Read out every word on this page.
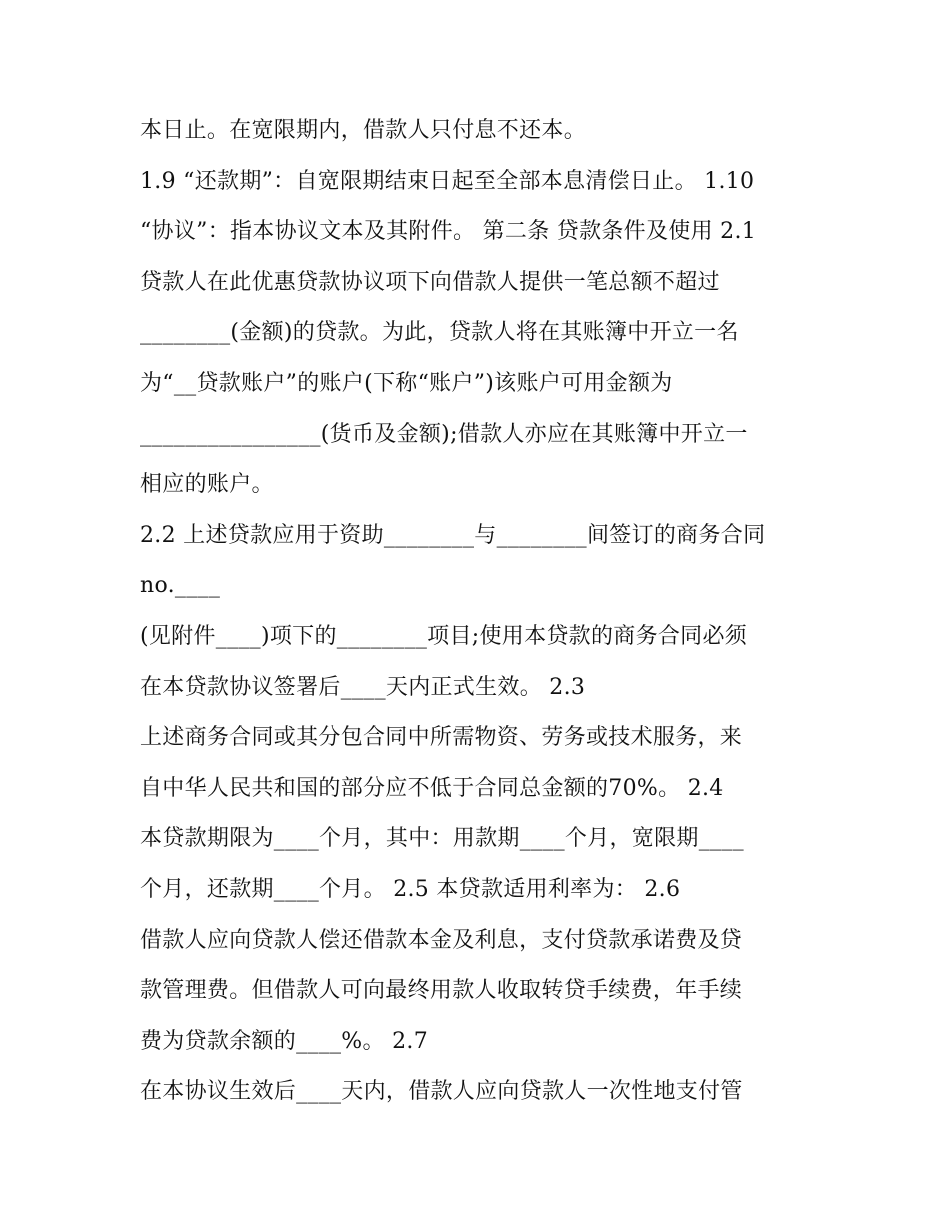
本日止。在宽限期内，借款人只付息不还本。
1.9 “还款期”：自宽限期结束日起至全部本息清偿日止。 1.10
“协议”：指本协议文本及其附件。 第二条 贷款条件及使用 2.1
贷款人在此优惠贷款协议项下向借款人提供一笔总额不超过
________(金额)的贷款。为此，贷款人将在其账簿中开立一名
为“__贷款账户”的账户(下称“账户”)该账户可用金额为
________________(货币及金额);借款人亦应在其账簿中开立一
相应的账户。
2.2 上述贷款应用于资助________与________间签订的商务合同
no.____
(见附件____)项下的________项目;使用本贷款的商务合同必须
在本贷款协议签署后____天内正式生效。 2.3
上述商务合同或其分包合同中所需物资、劳务或技术服务，来
自中华人民共和国的部分应不低于合同总金额的70%。 2.4
本贷款期限为____个月，其中：用款期____个月，宽限期____
个月，还款期____个月。 2.5 本贷款适用利率为： 2.6
借款人应向贷款人偿还借款本金及利息，支付贷款承诺费及贷
款管理费。但借款人可向最终用款人收取转贷手续费，年手续
费为贷款余额的____%。 2.7
在本协议生效后____天内，借款人应向贷款人一次性地支付管
